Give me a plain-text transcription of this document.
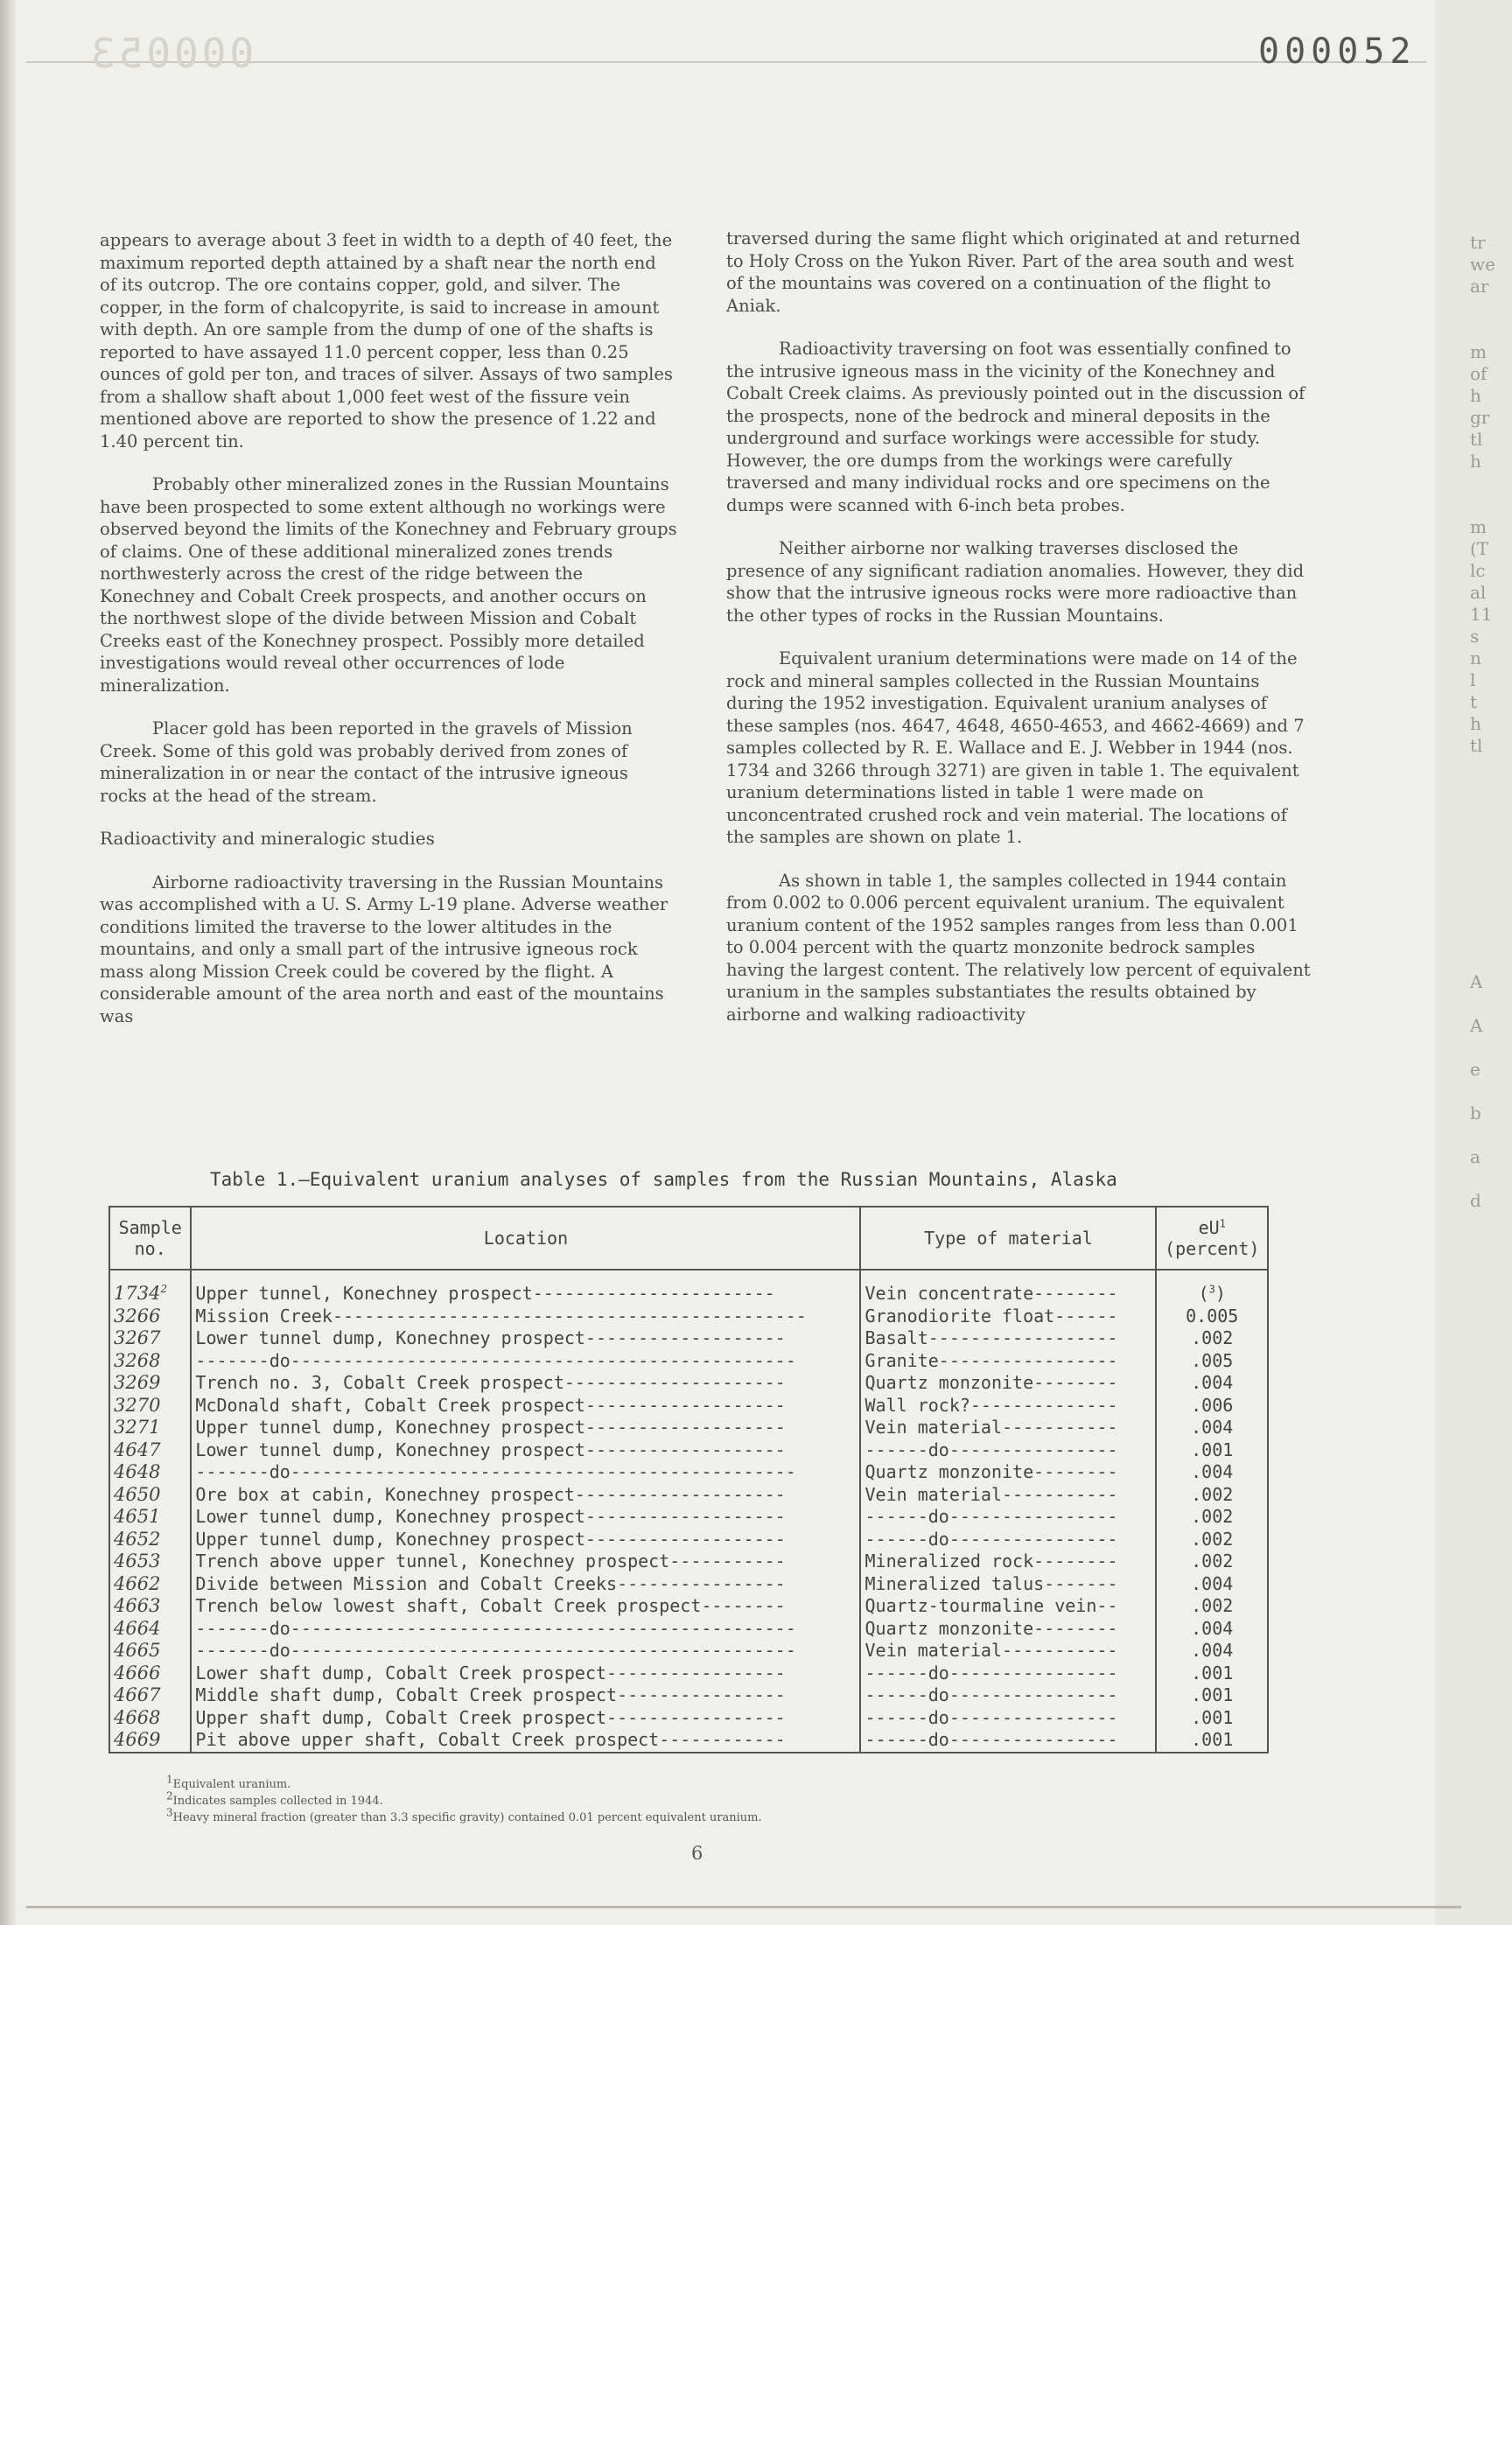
tr
we
ar
m
of
h
gr
tl
h
m
(T
lc
al
11
s
n
l
t
h
tl
A
A
e
b
a
d
000053	000052

appears to average about 3 feet in width to a depth of 40 feet, the maximum reported depth attained by a shaft near the north end of its outcrop. The ore contains copper, gold, and silver. The copper, in the form of chalcopyrite, is said to increase in amount with depth. An ore sample from the dump of one of the shafts is reported to have assayed 11.0 percent copper, less than 0.25 ounces of gold per ton, and traces of silver. Assays of two samples from a shallow shaft about 1,000 feet west of the fissure vein mentioned above are reported to show the presence of 1.22 and 1.40 percent tin.

Probably other mineralized zones in the Russian Mountains have been prospected to some extent although no workings were observed beyond the limits of the Konechney and February groups of claims. One of these additional mineralized zones trends northwesterly across the crest of the ridge between the Konechney and Cobalt Creek prospects, and another occurs on the northwest slope of the divide between Mission and Cobalt Creeks east of the Konechney prospect. Possibly more detailed investigations would reveal other occurrences of lode mineralization.

Placer gold has been reported in the gravels of Mission Creek. Some of this gold was probably derived from zones of mineralization in or near the contact of the intrusive igneous rocks at the head of the stream.

Radioactivity and mineralogic studies

Airborne radioactivity traversing in the Russian Mountains was accomplished with a U. S. Army L-19 plane. Adverse weather conditions limited the traverse to the lower altitudes in the mountains, and only a small part of the intrusive igneous rock mass along Mission Creek could be covered by the flight. A considerable amount of the area north and east of the mountains was

traversed during the same flight which originated at and returned to Holy Cross on the Yukon River. Part of the area south and west of the mountains was covered on a continuation of the flight to Aniak.

Radioactivity traversing on foot was essentially confined to the intrusive igneous mass in the vicinity of the Konechney and Cobalt Creek claims. As previously pointed out in the discussion of the prospects, none of the bedrock and mineral deposits in the underground and surface workings were accessible for study. However, the ore dumps from the workings were carefully traversed and many individual rocks and ore specimens on the dumps were scanned with 6-inch beta probes.

Neither airborne nor walking traverses disclosed the presence of any significant radiation anomalies. However, they did show that the intrusive igneous rocks were more radioactive than the other types of rocks in the Russian Mountains.

Equivalent uranium determinations were made on 14 of the rock and mineral samples collected in the Russian Mountains during the 1952 investigation. Equivalent uranium analyses of these samples (nos. 4647, 4648, 4650-4653, and 4662-4669) and 7 samples collected by R. E. Wallace and E. J. Webber in 1944 (nos. 1734 and 3266 through 3271) are given in table 1. The equivalent uranium determinations listed in table 1 were made on unconcentrated crushed rock and vein material. The locations of the samples are shown on plate 1.

As shown in table 1, the samples collected in 1944 contain from 0.002 to 0.006 percent equivalent uranium. The equivalent uranium content of the 1952 samples ranges from less than 0.001 to 0.004 percent with the quartz monzonite bedrock samples having the largest content. The relatively low percent of equivalent uranium in the samples substantiates the results obtained by airborne and walking radioactivity

Table 1.—Equivalent uranium analyses of samples from the Russian Mountains, Alaska
Sample no.	Location	Type of material	$eU^1$
(percent)
1734$^2$	Upper tunnel, Konechney prospect-----------------------	Vein concentrate--------	($^3$)
3266	Mission Creek---------------------------------------------	Granodiorite float------	0.005
3267	Lower tunnel dump, Konechney prospect-------------------	Basalt------------------	.002
3268	-------do------------------------------------------------	Granite-----------------	.005
3269	Trench no. 3, Cobalt Creek prospect---------------------	Quartz monzonite--------	.004
3270	McDonald shaft, Cobalt Creek prospect-------------------	Wall rock?--------------	.006
3271	Upper tunnel dump, Konechney prospect-------------------	Vein material-----------	.004
4647	Lower tunnel dump, Konechney prospect-------------------	------do----------------	.001
4648	-------do------------------------------------------------	Quartz monzonite--------	.004
4650	Ore box at cabin, Konechney prospect--------------------	Vein material-----------	.002
4651	Lower tunnel dump, Konechney prospect-------------------	------do----------------	.002
4652	Upper tunnel dump, Konechney prospect-------------------	------do----------------	.002
4653	Trench above upper tunnel, Konechney prospect-----------	Mineralized rock--------	.002
4662	Divide between Mission and Cobalt Creeks----------------	Mineralized talus-------	.004
4663	Trench below lowest shaft, Cobalt Creek prospect--------	Quartz-tourmaline vein--	.002
4664	-------do------------------------------------------------	Quartz monzonite--------	.004
4665	-------do------------------------------------------------	Vein material-----------	.004
4666	Lower shaft dump, Cobalt Creek prospect-----------------	------do----------------	.001
4667	Middle shaft dump, Cobalt Creek prospect----------------	------do----------------	.001
4668	Upper shaft dump, Cobalt Creek prospect-----------------	------do----------------	.001
4669	Pit above upper shaft, Cobalt Creek prospect------------	------do----------------	.001
$^1$Equivalent uranium.
$^2$Indicates samples collected in 1944.
$^3$Heavy mineral fraction (greater than 3.3 specific gravity) contained 0.01 percent equivalent uranium.
6
